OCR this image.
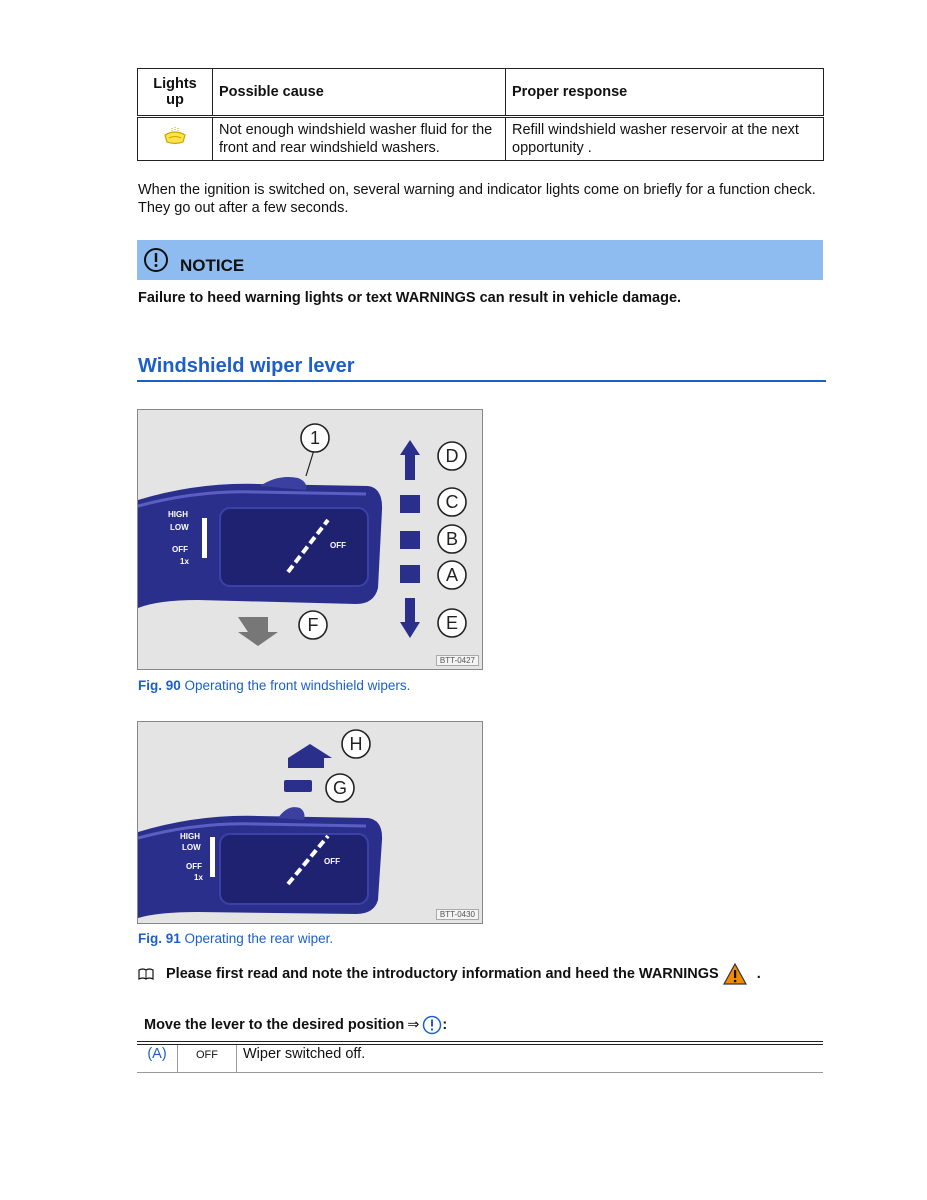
Lights up	Possible cause	Proper response
	Not enough windshield washer fluid for the front and rear windshield washers.	Refill windshield washer reservoir at the next opportunity .
When the ignition is switched on, several warning and indicator lights come on briefly for a function check. They go out after a few seconds.
NOTICE
Failure to heed warning lights or text WARNINGS can result in vehicle damage.
Windshield wiper lever
1
HIGH
LOW
OFF
1x
OFF
D
C
B
A
E
F
BTT-0427
Fig. 90 Operating the front windshield wipers.
HIGH
LOW
OFF
1x
OFF
H
G
BTT-0430
Fig. 91 Operating the rear wiper.
Please first read and note the introductory information and heed the WARNINGS	.
Move the lever to the desired position ⇒ :
(A)	OFF	Wiper switched off.
